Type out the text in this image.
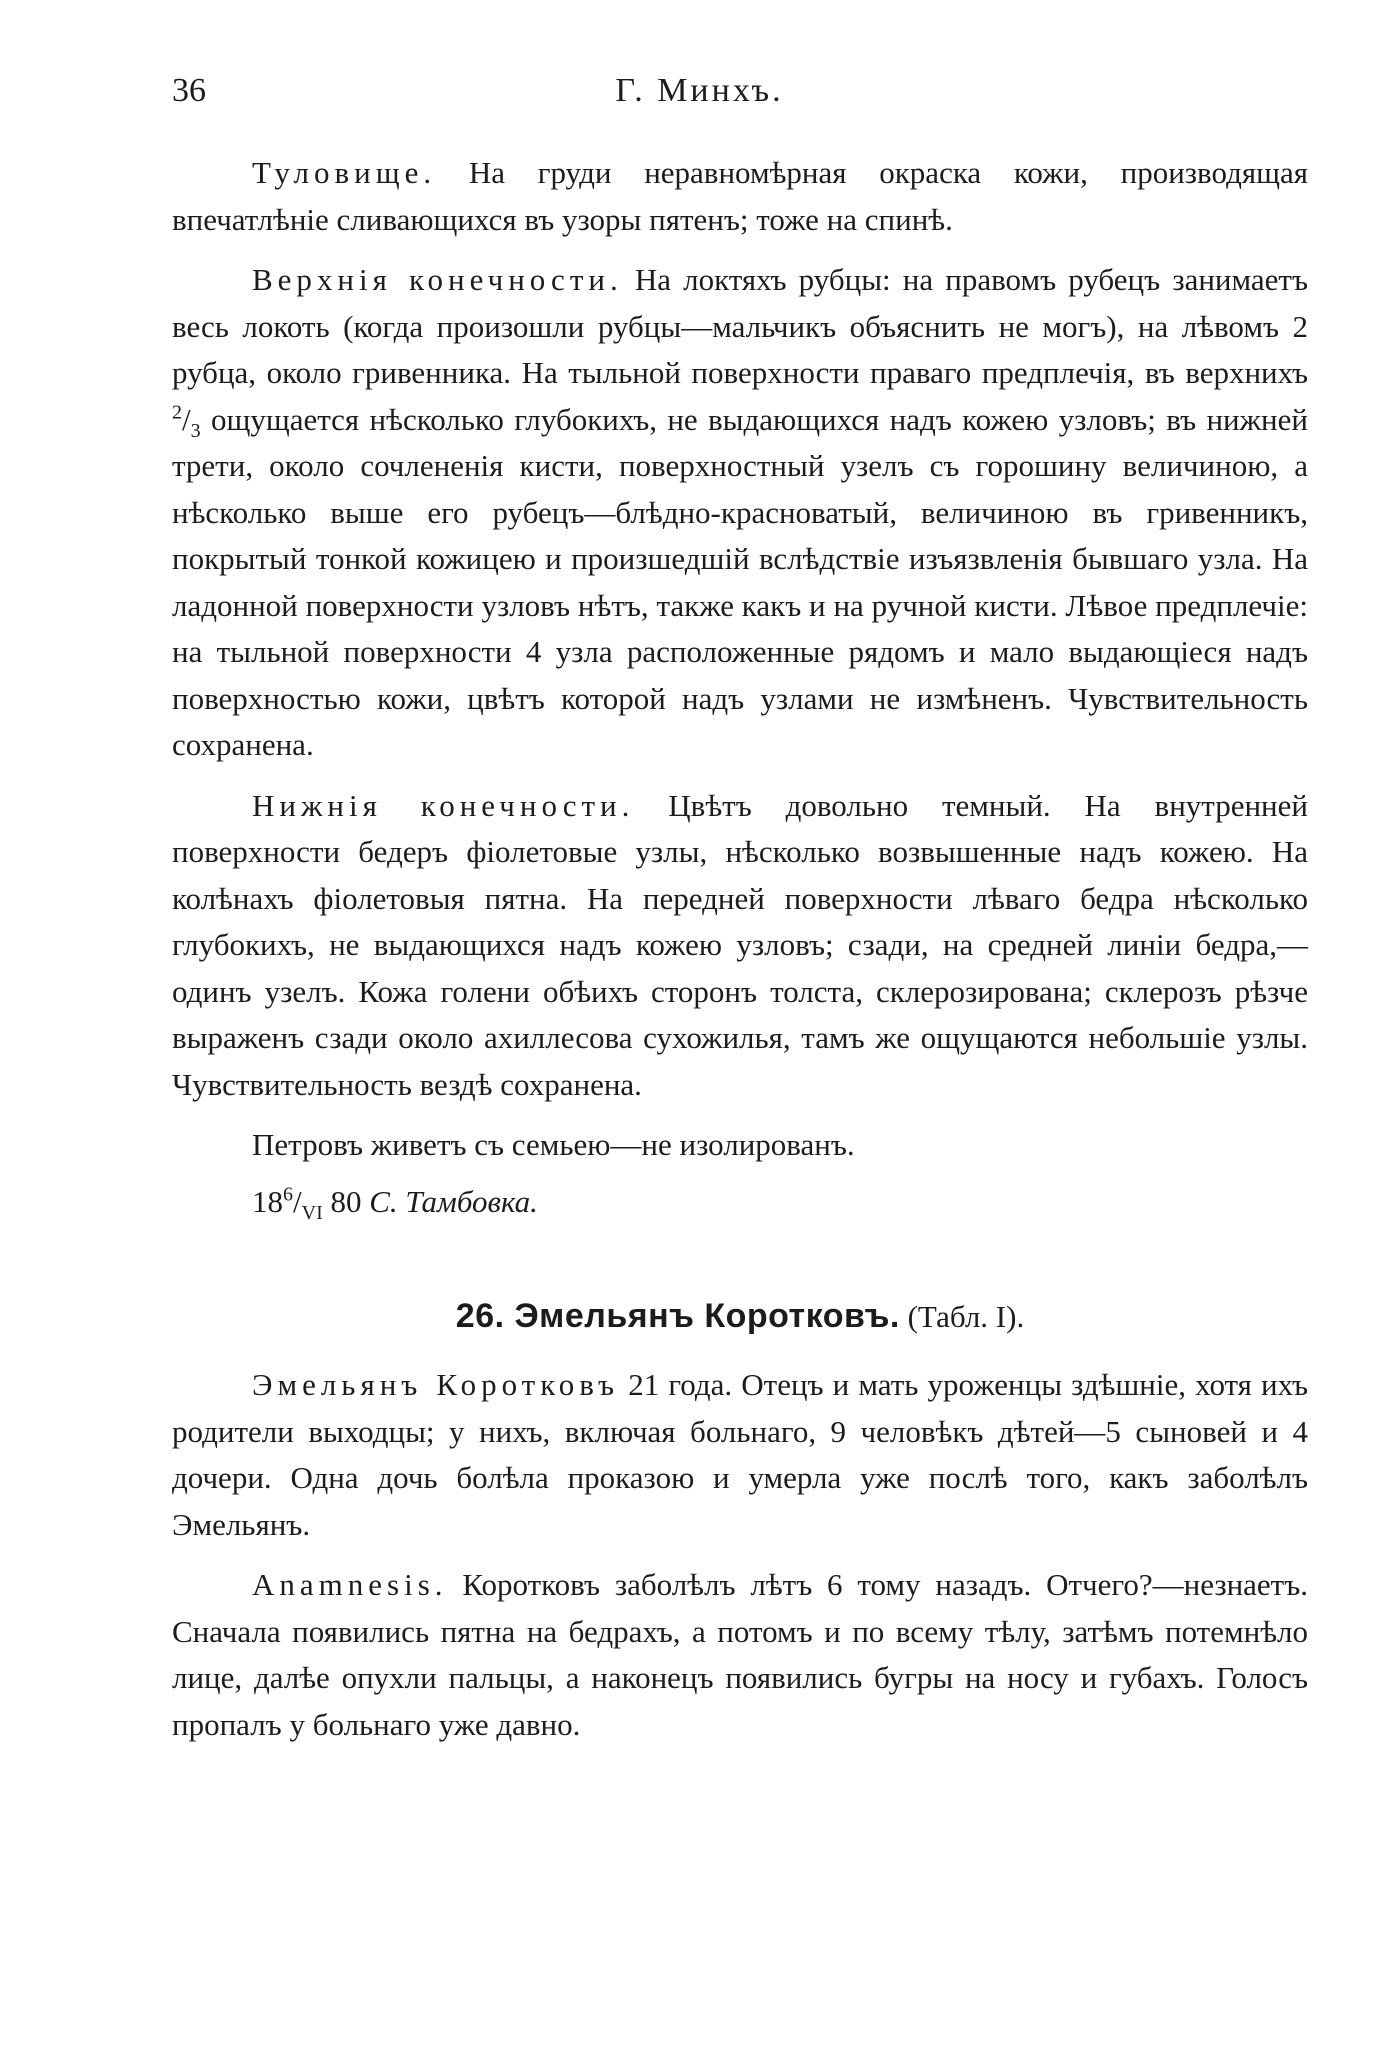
36	Г. Минхъ.

Туловище. На груди неравномѣрная окраска кожи, производящая впечатлѣніе сливающихся въ узоры пятенъ; тоже на спинѣ.

Верхнія конечности. На локтяхъ рубцы: на правомъ рубецъ занимаетъ весь локоть (когда произошли рубцы—мальчикъ объяснить не могъ), на лѣвомъ 2 рубца, около гривенника. На тыльной поверхности праваго предплечія, въ верхнихъ $^2/_3$ ощущается нѣсколько глубокихъ, не выдающихся надъ кожею узловъ; въ нижней трети, около сочлененія кисти, поверхностный узелъ съ горошину величиною, а нѣсколько выше его рубецъ—блѣдно-красноватый, величиною въ гривенникъ, покрытый тонкой кожицею и произшедшій вслѣдствіе изъязвленія бывшаго узла. На ладонной поверхности узловъ нѣтъ, также какъ и на ручной кисти. Лѣвое предплечіе: на тыльной поверхности 4 узла расположенные рядомъ и мало выдающіеся надъ поверхностью кожи, цвѣтъ которой надъ узлами не измѣненъ. Чувствительность сохранена.

Нижнія конечности. Цвѣтъ довольно темный. На внутренней поверхности бедеръ фіолетовые узлы, нѣсколько возвышенные надъ кожею. На колѣнахъ фіолетовыя пятна. На передней поверхности лѣваго бедра нѣсколько глубокихъ, не выдающихся надъ кожею узловъ; сзади, на средней линіи бедра,—одинъ узелъ. Кожа голени обѣихъ сторонъ толста, склерозирована; склерозъ рѣзче выраженъ сзади около ахиллесова сухожилья, тамъ же ощущаются небольшіе узлы. Чувствительность вездѣ сохранена.

Петровъ живетъ съ семьею—не изолированъ.

$18^6/_{VI}$ 80 С. Тамбовка.

26. Эмельянъ Коротковъ. (Табл. I).

Эмельянъ Коротковъ 21 года. Отецъ и мать уроженцы здѣшніе, хотя ихъ родители выходцы; у нихъ, включая больнаго, 9 человѣкъ дѣтей—5 сыновей и 4 дочери. Одна дочь болѣла проказою и умерла уже послѣ того, какъ заболѣлъ Эмельянъ.

Anamnesis. Коротковъ заболѣлъ лѣтъ 6 тому назадъ. Отчего?—незнаетъ. Сначала появились пятна на бедрахъ, а потомъ и по всему тѣлу, затѣмъ потемнѣло лице, далѣе опухли пальцы, а наконецъ появились бугры на носу и губахъ. Голосъ пропалъ у больнаго уже давно.
